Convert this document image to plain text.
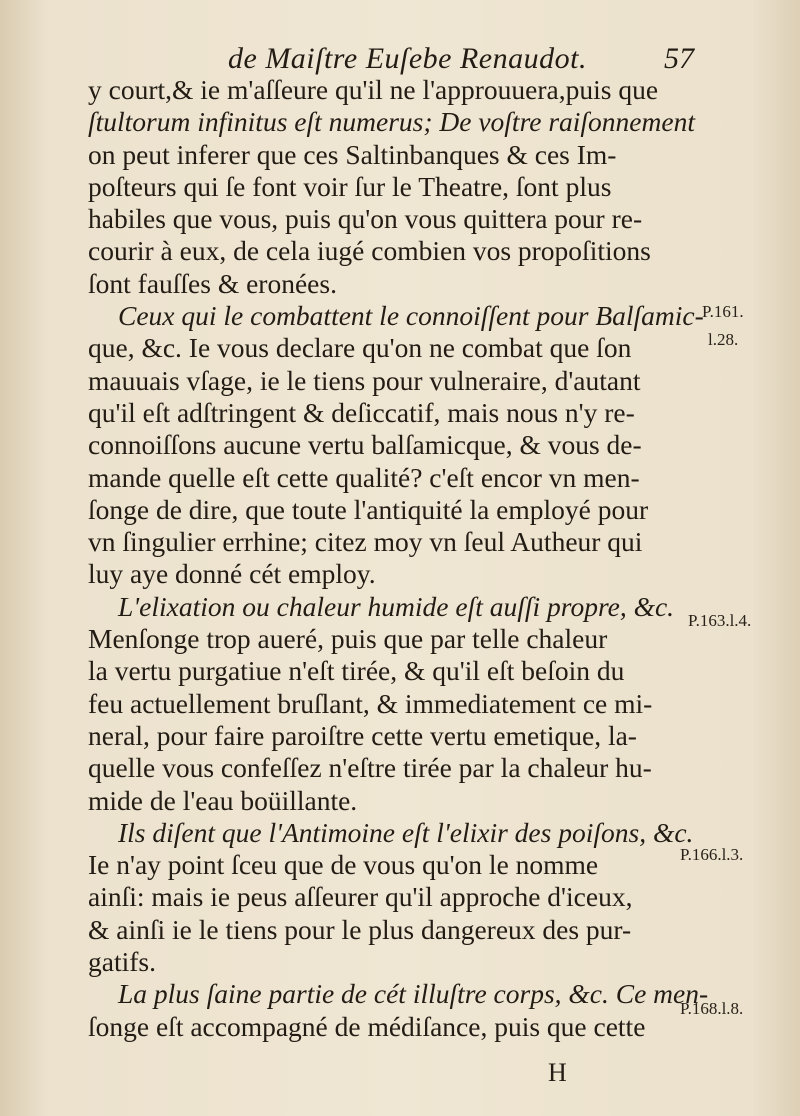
de Maiſtre Euſebe Renaudot.	57
y court,& ie m'aſſeure qu'il ne l'approuuera,puis que
ſtultorum infinitus eſt numerus; De voſtre raiſonnement
on peut inferer que ces Saltinbanques & ces Im-
poſteurs qui ſe font voir ſur le Theatre, ſont plus
habiles que vous, puis qu'on vous quittera pour re-
courir à eux, de cela iugé combien vos propoſitions
ſont fauſſes & eronées.
Ceux qui le combattent le connoiſſent pour Balſamic-
que, &c. Ie vous declare qu'on ne combat que ſon
mauuais vſage, ie le tiens pour vulneraire, d'autant
qu'il eſt adſtringent & deſiccatif, mais nous n'y re-
connoiſſons aucune vertu balſamicque, & vous de-
mande quelle eſt cette qualité? c'eſt encor vn men-
ſonge de dire, que toute l'antiquité la employé pour
vn ſingulier errhine; citez moy vn ſeul Autheur qui
luy aye donné cét employ.
L'elixation ou chaleur humide eſt auſſi propre, &c.
Menſonge trop aueré, puis que par telle chaleur
la vertu purgatiue n'eſt tirée, & qu'il eſt beſoin du
feu actuellement bruſlant, & immediatement ce mi-
neral, pour faire paroiſtre cette vertu emetique, la-
quelle vous confeſſez n'eſtre tirée par la chaleur hu-
mide de l'eau boüillante.
Ils diſent que l'Antimoine eſt l'elixir des poiſons, &c.
Ie n'ay point ſceu que de vous qu'on le nomme
ainſi: mais ie peus aſſeurer qu'il approche d'iceux,
& ainſi ie le tiens pour le plus dangereux des pur-
gatifs.
La plus ſaine partie de cét illuſtre corps, &c. Ce men-
ſonge eſt accompagné de médiſance, puis que cette
P.161.
l.28.
P.163.l.4.
P.166.l.3.
P.168.l.8.
H
